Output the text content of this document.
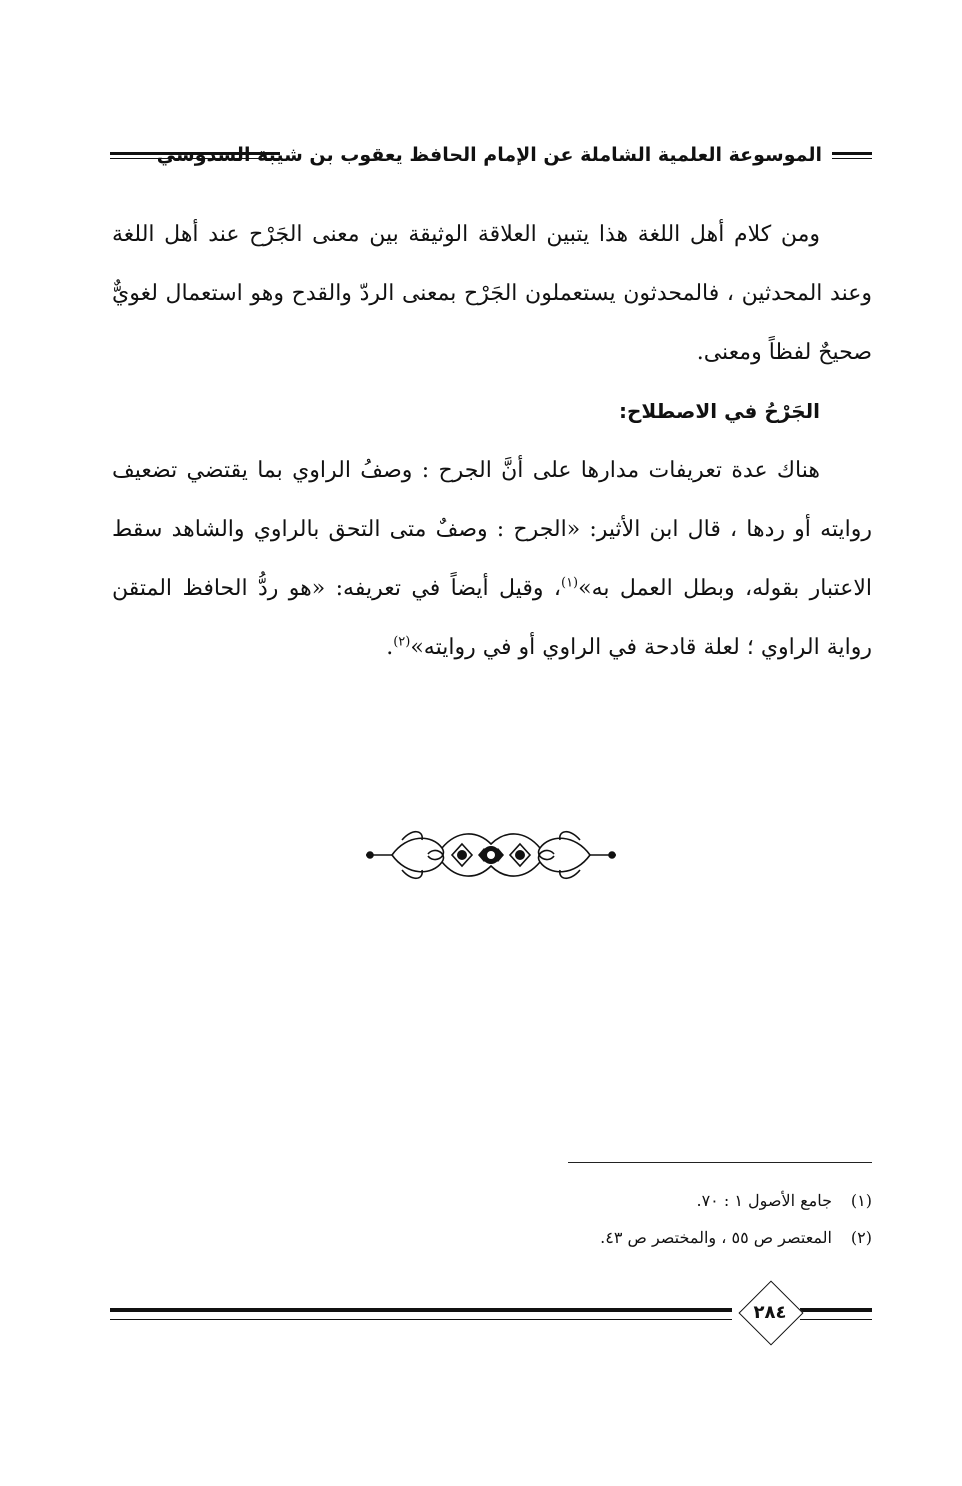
الموسوعة العلمية الشاملة عن الإمام الحافظ يعقوب بن شيبة السدوسي

ومن كلام أهل اللغة هذا يتبين العلاقة الوثيقة بين معنى الجَرْح عند أهل اللغة وعند المحدثين ، فالمحدثون يستعملون الجَرْح بمعنى الردّ والقدح وهو استعمال لغويٌّ صحيحٌ لفظاً ومعنى.

الجَرْحُ في الاصطلاح:

هناك عدة تعريفات مدارها على أنَّ الجرح : وصفُ الراوي بما يقتضي تضعيف روايته أو ردها ، قال ابن الأثير: «الجرح : وصفٌ متى التحق بالراوي والشاهد سقط الاعتبار بقوله، وبطل العمل به»$^{(١)}$، وقيل أيضاً في تعريفه: «هو ردُّ الحافظ المتقن رواية الراوي ؛ لعلة قادحة في الراوي أو في روايته»$^{(٢)}$.

(١)جامع الأصول ١ : ٧٠.

(٢)المعتصر ص ٥٥ ، والمختصر ص ٤٣.

٢٨٤
